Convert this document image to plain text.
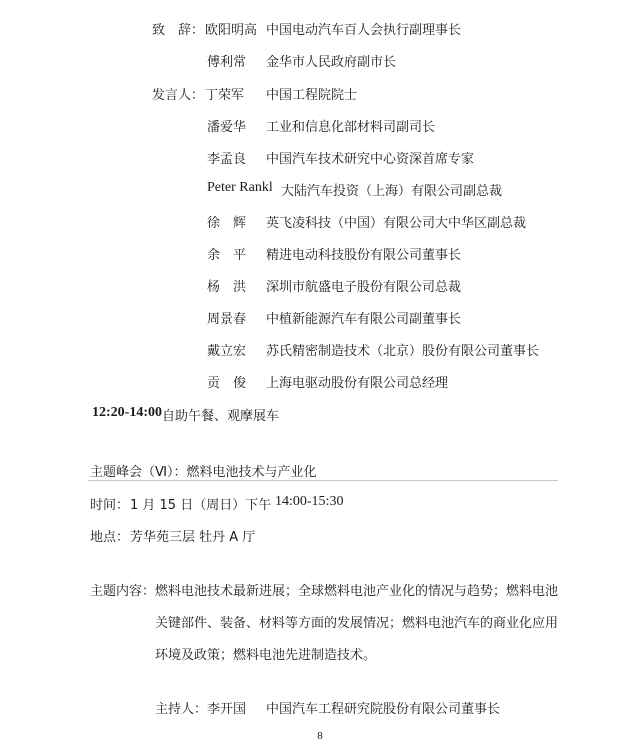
致　辞： 欧阳明高 中国电动汽车百人会执行副理事长
傅利常 金华市人民政府副市长
发言人： 丁荣军 中国工程院院士
潘爱华 工业和信息化部材料司副司长
李孟良 中国汽车技术研究中心资深首席专家
Peter Rankl 大陆汽车投资（上海）有限公司副总裁
徐　辉 英飞凌科技（中国）有限公司大中华区副总裁
余　平 精进电动科技股份有限公司董事长
杨　洪 深圳市航盛电子股份有限公司总裁
周景春 中植新能源汽车有限公司副董事长
戴立宏 苏氏精密制造技术（北京）股份有限公司董事长
贡　俊 上海电驱动股份有限公司总经理
12:20-14:00 自助午餐、观摩展车
主题峰会（Ⅵ）：燃料电池技术与产业化
时间： 1 月 15 日（周日）下午　
14:00-15:30
地点： 芳华苑三层 牡丹 A 厅
主题内容： 燃料电池技术最新进展；全球燃料电池产业化的情况与趋势；燃料电池
关键部件、装备、材料等方面的发展情况；燃料电池汽车的商业化应用
环境及政策；燃料电池先进制造技术。
主持人： 李开国 中国汽车工程研究院股份有限公司董事长
8
